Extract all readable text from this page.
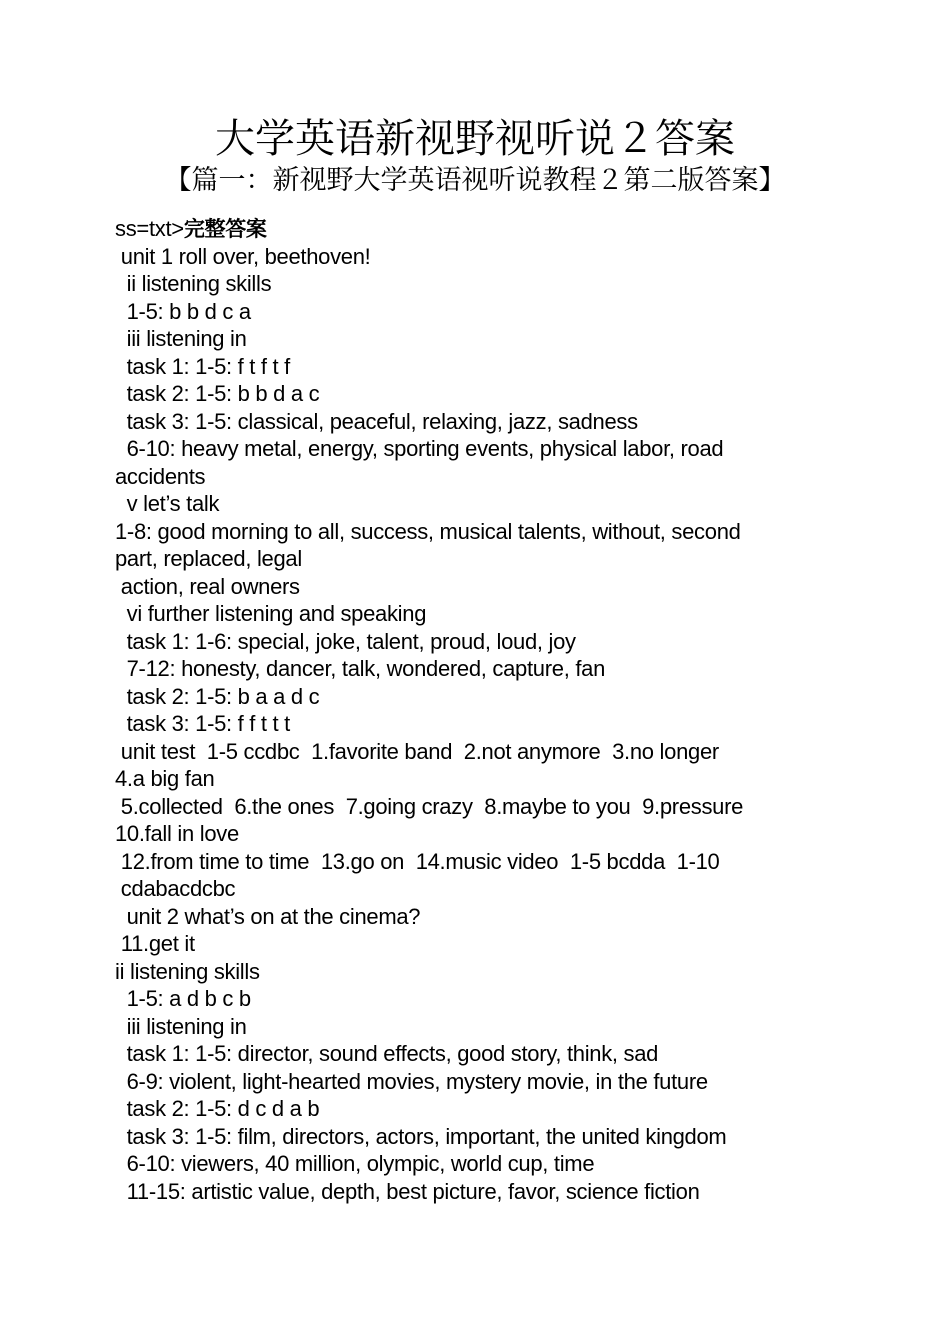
大学英语新视野视听说２答案
【篇一：新视野大学英语视听说教程２第二版答案】
ss=txt>完整答案
unit 1 roll over, beethoven!
ii listening skills
1-5: b b d c a
iii listening in
task 1: 1-5: f t f t f
task 2: 1-5: b b d a c
task 3: 1-5: classical, peaceful, relaxing, jazz, sadness
6-10: heavy metal, energy, sporting events, physical labor, road
accidents
v let’s talk
1-8: good morning to all, success, musical talents, without, second
part, replaced, legal
action, real owners
vi further listening and speaking
task 1: 1-6: special, joke, talent, proud, loud, joy
7-12: honesty, dancer, talk, wondered, capture, fan
task 2: 1-5: b a a d c
task 3: 1-5: f f t t t
unit test  1-5 ccdbc  1.favorite band  2.not anymore  3.no longer
4.a big fan
5.collected  6.the ones  7.going crazy  8.maybe to you  9.pressure
10.fall in love
12.from time to time  13.go on  14.music video  1-5 bcdda  1-10
cdabacdcbc
unit 2 what’s on at the cinema?
11.get it
ii listening skills
1-5: a d b c b
iii listening in
task 1: 1-5: director, sound effects, good story, think, sad
6-9: violent, light-hearted movies, mystery movie, in the future
task 2: 1-5: d c d a b
task 3: 1-5: film, directors, actors, important, the united kingdom
6-10: viewers, 40 million, olympic, world cup, time
11-15: artistic value, depth, best picture, favor, science fiction
